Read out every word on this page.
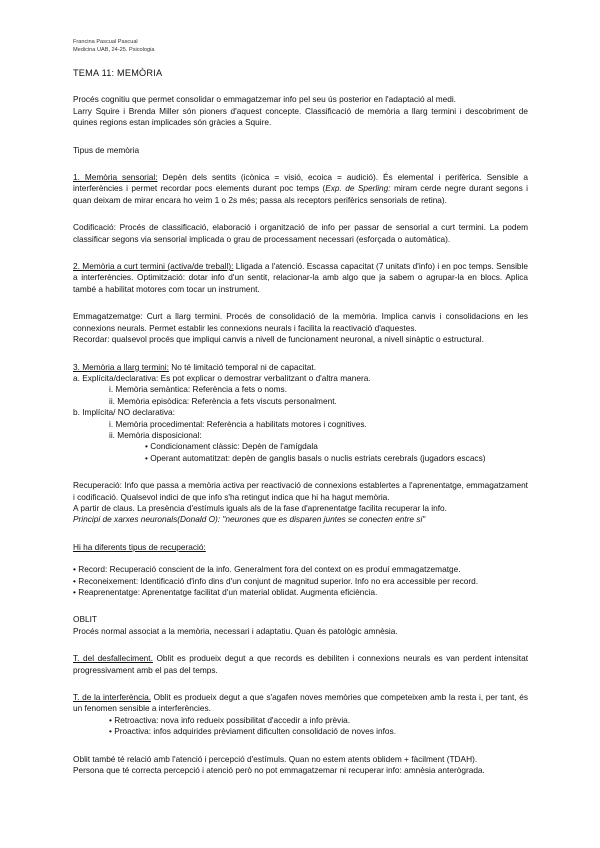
Francina Pascual Pascual
Medicina UAB, 24-25. Psicologia

TEMA 11: MEMÒRIA

Procés cognitiu que permet consolidar o emmagatzemar info pel seu ús posterior en l'adaptació al medi.

Larry Squire i Brenda Miller són pioners d'aquest concepte. Classificació de memòria a llarg termini i descobriment de quines regions estan implicades són gràcies a Squire.

Tipus de memòria

1. Memòria sensorial: Depèn dels sentits (icònica = visió, ecoica = audició). És elemental i perifèrica. Sensible a interferències i permet recordar pocs elements durant poc temps (Exp. de Sperling: miram cerde negre durant segons i quan deixam de mirar encara ho veim 1 o 2s més; passa als receptors perifèrics sensorials de retina).

Codificació: Procés de classificació, elaboració i organització de info per passar de sensorial a curt termini. La podem classificar segons via sensorial implicada o grau de processament necessari (esforçada o automàtica).

2. Memòria a curt termini (activa/de treball): Lligada a l'atenció. Escassa capacitat (7 unitats d'info) i en poc temps. Sensible a interferències. Optimització: dotar info d'un sentit, relacionar-la amb algo que ja sabem o agrupar-la en blocs. Aplica també a habilitat motores com tocar un instrument.

Emmagatzematge: Curt a llarg termini. Procés de consolidació de la memòria. Implica canvis i consolidacions en les connexions neurals. Permet establir les connexions neurals i facilita la reactivació d'aquestes.

Recordar: qualsevol procés que impliqui canvis a nivell de funcionament neuronal, a nivell sinàptic o estructural.

3. Memòria a llarg termini: No té limitació temporal ni de capacitat.

a. Explícita/declarativa: Es pot explicar o demostrar verbalitzant o d'altra manera.

i. Memòria semàntica: Referència a fets o noms.

ii. Memòria episòdica: Referència a fets viscuts personalment.

b. Implícita/ NO declarativa:

i. Memòria procedimental: Referència a habilitats motores i cognitives.

ii. Memòria disposicional:

• Condicionament clàssic: Depèn de l'amígdala

• Operant automatitzat: depèn de ganglis basals o nuclis estriats cerebrals (jugadors escacs)

Recuperació: Info que passa a memòria activa per reactivació de connexions establertes a l'aprenentatge, emmagatzament i codificació. Qualsevol indici de que info s'ha retingut indica que hi ha hagut memòria.

A partir de claus. La presència d'estímuls iguals als de la fase d'aprenentatge facilita recuperar la info.

Principi de xarxes neuronals(Donald O): "neurones que es disparen juntes se conecten entre si"

Hi ha diferents tipus de recuperació:

• Record: Recuperació conscient de la info. Generalment fora del context on es produí emmagatzematge.

• Reconeixement: Identificació d'info dins d'un conjunt de magnitud superior. Info no era accessible per record.

• Reaprenentatge: Aprenentatge facilitat d'un material oblidat. Augmenta eficiència.

OBLIT

Procés normal associat a la memòria, necessari i adaptatiu. Quan és patològic amnèsia.

T. del desfalleciment. Oblit es produeix degut a que records es debiliten i connexions neurals es van perdent intensitat progressivament amb el pas del temps.

T. de la interferència. Oblit es produeix degut a que s'agafen noves memòries que competeixen amb la resta i, per tant, és un fenomen sensible a interferències.

• Retroactiva: nova info redueix possibilitat d'accedir a info prèvia.

• Proactiva: infos adquirides prèviament dificulten consolidació de noves infos.

Oblit també té relació amb l'atenció i percepció d'estímuls. Quan no estem atents oblidem + fàcilment (TDAH).

Persona que té correcta percepció i atenció però no pot emmagatzemar ni recuperar info: amnèsia anterògrada.
